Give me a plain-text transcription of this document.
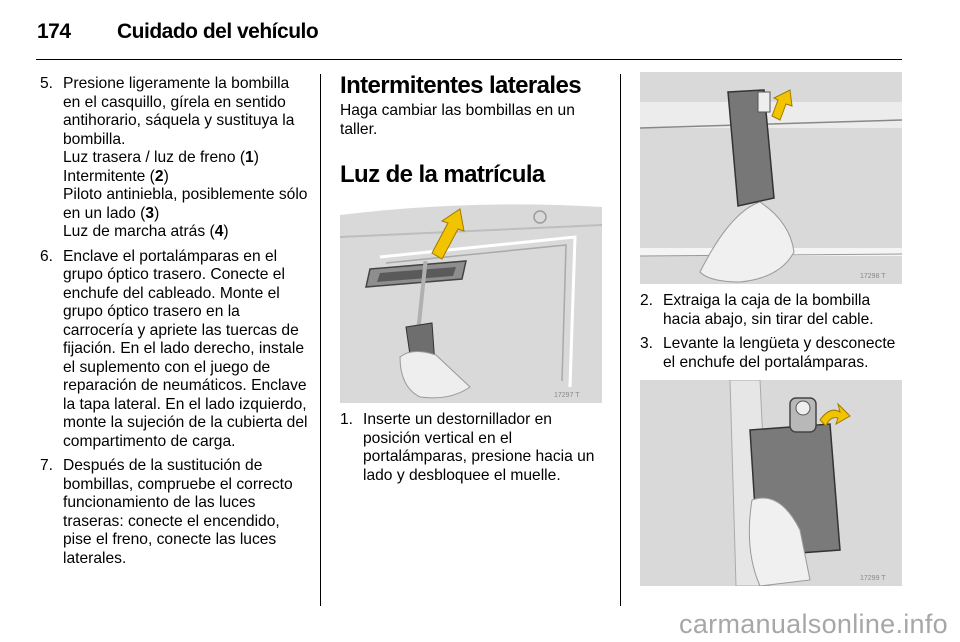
174 Cuidado del vehículo
5. Presione ligeramente la bombilla en el casquillo, gírela en sentido antihorario, sáquela y sustituya la bombilla.

Luz trasera / luz de freno (1)

Intermitente (2)

Piloto antiniebla, posiblemente sólo en un lado (3)

Luz de marcha atrás (4)

6. Enclave el portalámparas en el grupo óptico trasero. Conecte el enchufe del cableado. Monte el grupo óptico trasero en la carrocería y apriete las tuercas de fijación. En el lado derecho, instale el suplemento con el juego de reparación de neumáticos. Enclave la tapa lateral. En el lado izquierdo, monte la sujeción de la cubierta del compartimento de carga.

7. Después de la sustitución de bombillas, compruebe el correcto funcionamiento de las luces traseras: conecte el encendido, pise el freno, conecte las luces laterales.

Intermitentes laterales

Haga cambiar las bombillas en un taller.

Luz de la matrícula
17297 T
1. Inserte un destornillador en posición vertical en el portalámparas, presione hacia un lado y desbloquee el muelle.

17298 T
2. Extraiga la caja de la bombilla hacia abajo, sin tirar del cable.

3. Levante la lengüeta y desconecte el enchufe del portalámparas.

17299 T
carmanualsonline.info
